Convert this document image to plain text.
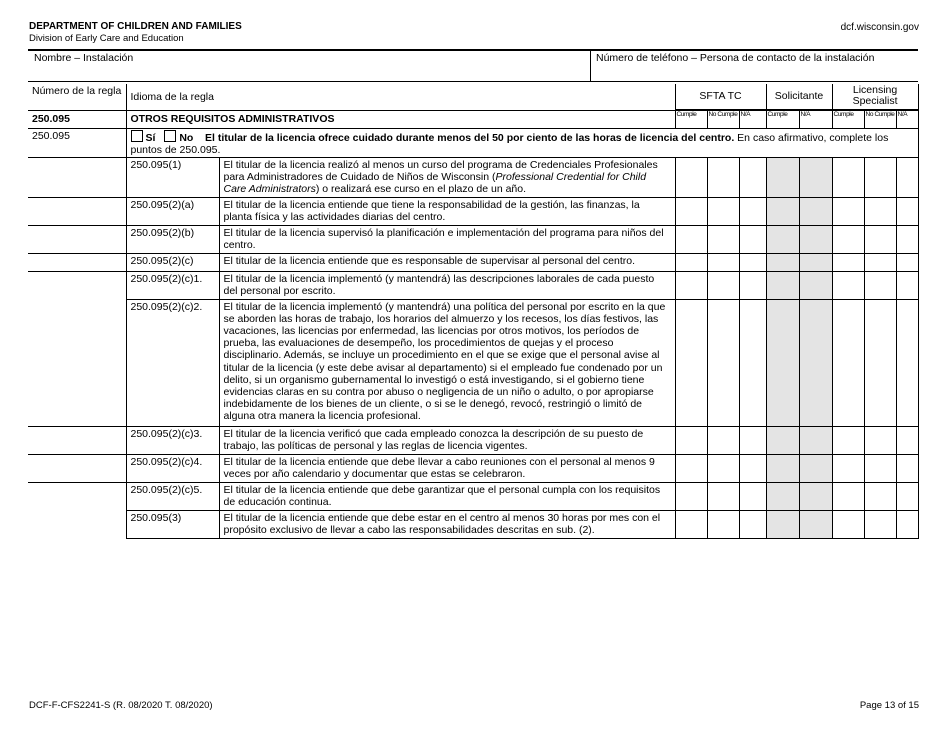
DEPARTMENT OF CHILDREN AND FAMILIES
Division of Early Care and Education
dcf.wisconsin.gov
Nombre – Instalación	Número de teléfono – Persona de contacto de la instalación
Número de la regla	Idioma de la regla		SFTA TC			Solicitante		Licensing Specialist		

250.095	OTROS REQUISITOS ADMINISTRATIVOS		Cumple	No Cumple	N/A	Cumple	N/A	Cumple	No Cumple	N/A
250.095	Sí No El titular de la licencia ofrece cuidado durante menos del 50 por ciento de las horas de licencia del centro. En caso afirmativo, complete los puntos de 250.095.									
	250.095(1)	El titular de la licencia realizó al menos un curso del programa de Credenciales Profesionales para Administradores de Cuidado de Niños de Wisconsin (Professional Credential for Child Care Administrators) o realizará ese curso en el plazo de un año.								
	250.095(2)(a)	El titular de la licencia entiende que tiene la responsabilidad de la gestión, las finanzas, la planta física y las actividades diarias del centro.								
	250.095(2)(b)	El titular de la licencia supervisó la planificación e implementación del programa para niños del centro.								
	250.095(2)(c)	El titular de la licencia entiende que es responsable de supervisar al personal del centro.								
	250.095(2)(c)1.	El titular de la licencia implementó (y mantendrá) las descripciones laborales de cada puesto del personal por escrito.								
	250.095(2)(c)2.	El titular de la licencia implementó (y mantendrá) una política del personal por escrito en la que se aborden las horas de trabajo, los horarios del almuerzo y los recesos, los días festivos, las vacaciones, las licencias por enfermedad, las licencias por otros motivos, los períodos de prueba, las evaluaciones de desempeño, los procedimientos de quejas y el proceso disciplinario. Además, se incluye un procedimiento en el que se exige que el personal avise al titular de la licencia (y este debe avisar al departamento) si el empleado fue condenado por un delito, si un organismo gubernamental lo investigó o está investigando, si el gobierno tiene evidencias claras en su contra por abuso o negligencia de un niño o adulto, o por apropiarse indebidamente de los bienes de un cliente, o si se le denegó, revocó, restringió o limitó de alguna otra manera la licencia profesional.								
	250.095(2)(c)3.	El titular de la licencia verificó que cada empleado conozca la descripción de su puesto de trabajo, las políticas de personal y las reglas de licencia vigentes.								
	250.095(2)(c)4.	El titular de la licencia entiende que debe llevar a cabo reuniones con el personal al menos 9 veces por año calendario y documentar que estas se celebraron.								
	250.095(2)(c)5.	El titular de la licencia entiende que debe garantizar que el personal cumpla con los requisitos de educación continua.								
	250.095(3)	El titular de la licencia entiende que debe estar en el centro al menos 30 horas por mes con el propósito exclusivo de llevar a cabo las responsabilidades descritas en sub. (2).								
DCF-F-CFS2241-S (R. 08/2020 T. 08/2020)	Page 13 of 15
